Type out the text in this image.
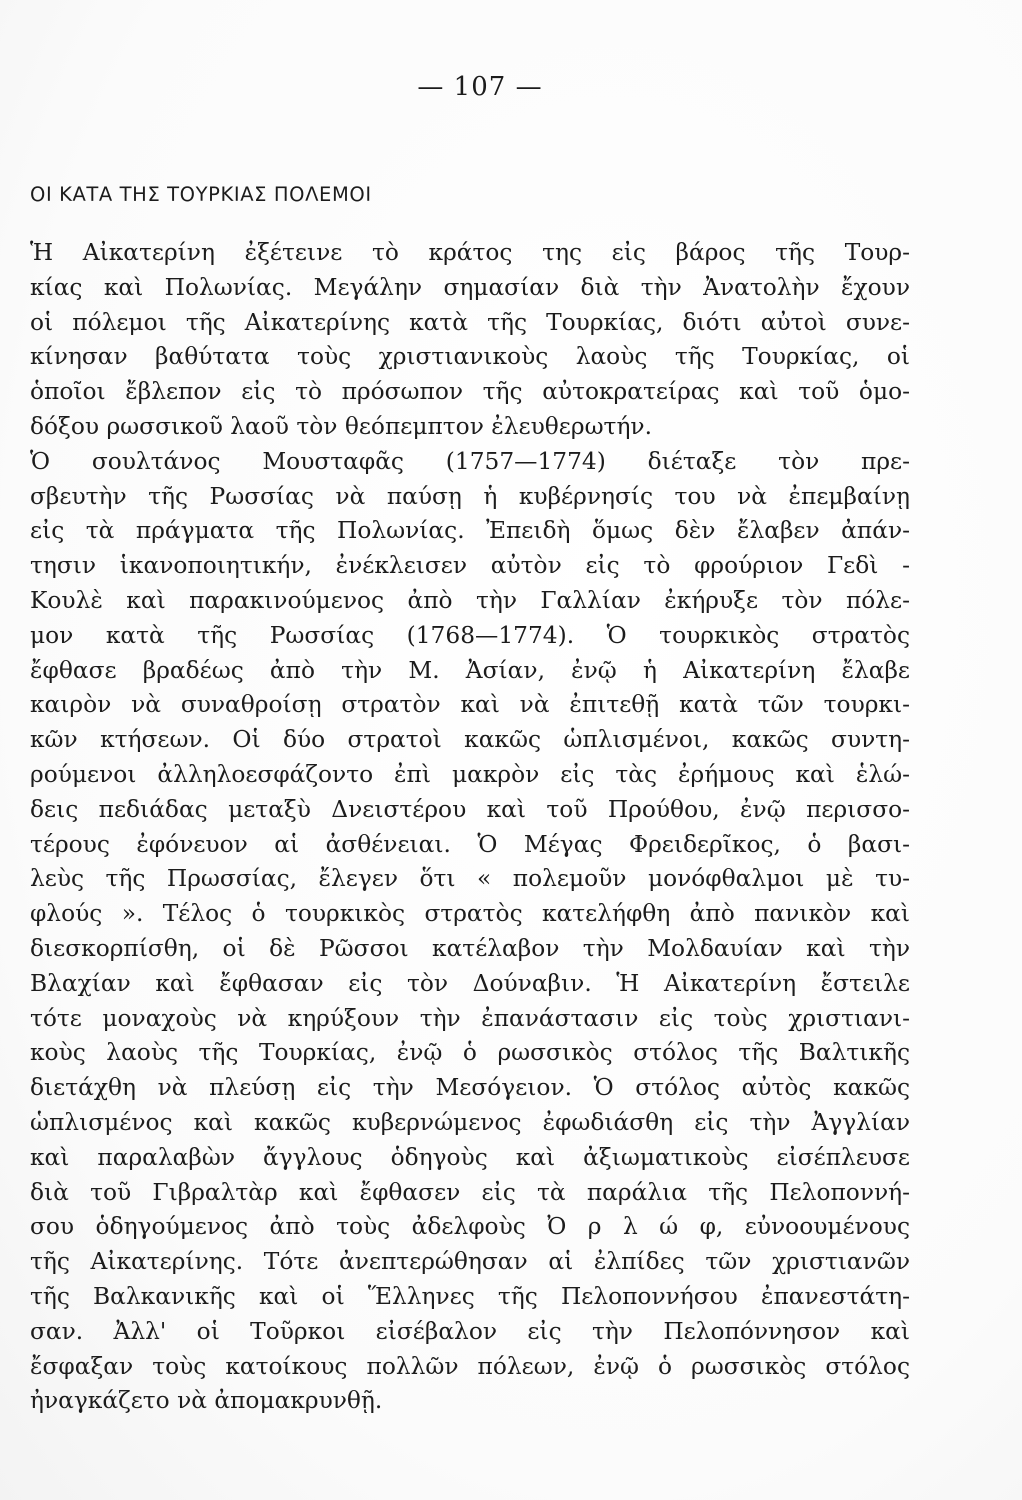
— 107 —
ΟΙ ΚΑΤΑ ΤΗΣ ΤΟΥΡΚΙΑΣ ΠΟΛΕΜΟΙ
Ἡ Αἰκατερίνη ἐξέτεινε τὸ κράτος της εἰς βάρος τῆς Τουρ-
κίας καὶ Πολωνίας. Μεγάλην σημασίαν διὰ τὴν Ἀνατολὴν ἔχουν
οἱ πόλεμοι τῆς Αἰκατερίνης κατὰ τῆς Τουρκίας, διότι αὐτοὶ συνε-
κίνησαν βαθύτατα τοὺς χριστιανικοὺς λαοὺς τῆς Τουρκίας, οἱ
ὁποῖοι ἔβλεπον εἰς τὸ πρόσωπον τῆς αὐτοκρατείρας καὶ τοῦ ὁμο-
δόξου ρωσσικοῦ λαοῦ τὸν θεόπεμπτον ἐλευθερωτήν.
Ὁ σουλτάνος Μουσταφᾶς (1757—1774) διέταξε τὸν πρε-
σβευτὴν τῆς Ρωσσίας νὰ παύσῃ ἡ κυβέρνησίς του νὰ ἐπεμβαίνῃ
εἰς τὰ πράγματα τῆς Πολωνίας. Ἐπειδὴ ὅμως δὲν ἔλαβεν ἀπάν-
τησιν ἱκανοποιητικήν, ἐνέκλεισεν αὐτὸν εἰς τὸ φρούριον Γεδὶ -
Κουλὲ καὶ παρακινούμενος ἀπὸ τὴν Γαλλίαν ἐκήρυξε τὸν πόλε-
μον κατὰ τῆς Ρωσσίας (1768—1774). Ὁ τουρκικὸς στρατὸς
ἔφθασε βραδέως ἀπὸ τὴν Μ. Ἀσίαν, ἐνῷ ἡ Αἰκατερίνη ἔλαβε
καιρὸν νὰ συναθροίσῃ στρατὸν καὶ νὰ ἐπιτεθῇ κατὰ τῶν τουρκι-
κῶν κτήσεων. Οἱ δύο στρατοὶ κακῶς ὡπλισμένοι, κακῶς συντη-
ρούμενοι ἀλληλοεσφάζοντο ἐπὶ μακρὸν εἰς τὰς ἐρήμους καὶ ἑλώ-
δεις πεδιάδας μεταξὺ Δνειστέρου καὶ τοῦ Προύθου, ἐνῷ περισσο-
τέρους ἐφόνευον αἱ ἀσθένειαι. Ὁ Μέγας Φρειδερῖκος, ὁ βασι-
λεὺς τῆς Πρωσσίας, ἔλεγεν ὅτι « πολεμοῦν μονόφθαλμοι μὲ τυ-
φλούς ». Τέλος ὁ τουρκικὸς στρατὸς κατελήφθη ἀπὸ πανικὸν καὶ
διεσκορπίσθη, οἱ δὲ Ρῶσσοι κατέλαβον τὴν Μολδαυίαν καὶ τὴν
Βλαχίαν καὶ ἔφθασαν εἰς τὸν Δούναβιν. Ἡ Αἰκατερίνη ἔστειλε
τότε μοναχοὺς νὰ κηρύξουν τὴν ἐπανάστασιν εἰς τοὺς χριστιανι-
κοὺς λαοὺς τῆς Τουρκίας, ἐνῷ ὁ ρωσσικὸς στόλος τῆς Βαλτικῆς
διετάχθη νὰ πλεύσῃ εἰς τὴν Μεσόγειον. Ὁ στόλος αὐτὸς κακῶς
ὡπλισμένος καὶ κακῶς κυβερνώμενος ἐφωδιάσθη εἰς τὴν Ἀγγλίαν
καὶ παραλαβὼν ἄγγλους ὁδηγοὺς καὶ ἀξιωματικοὺς εἰσέπλευσε
διὰ τοῦ Γιβραλτὰρ καὶ ἔφθασεν εἰς τὰ παράλια τῆς Πελοποννή-
σου ὁδηγούμενος ἀπὸ τοὺς ἀδελφοὺς Ὀ ρ λ ώ φ, εὐνοουμένους
τῆς Αἰκατερίνης. Τότε ἀνεπτερώθησαν αἱ ἐλπίδες τῶν χριστιανῶν
τῆς Βαλκανικῆς καὶ οἱ Ἕλληνες τῆς Πελοποννήσου ἐπανεστάτη-
σαν. Ἀλλ' οἱ Τοῦρκοι εἰσέβαλον εἰς τὴν Πελοπόννησον καὶ
ἔσφαξαν τοὺς κατοίκους πολλῶν πόλεων, ἐνῷ ὁ ρωσσικὸς στόλος
ἠναγκάζετο νὰ ἀπομακρυνθῇ.
